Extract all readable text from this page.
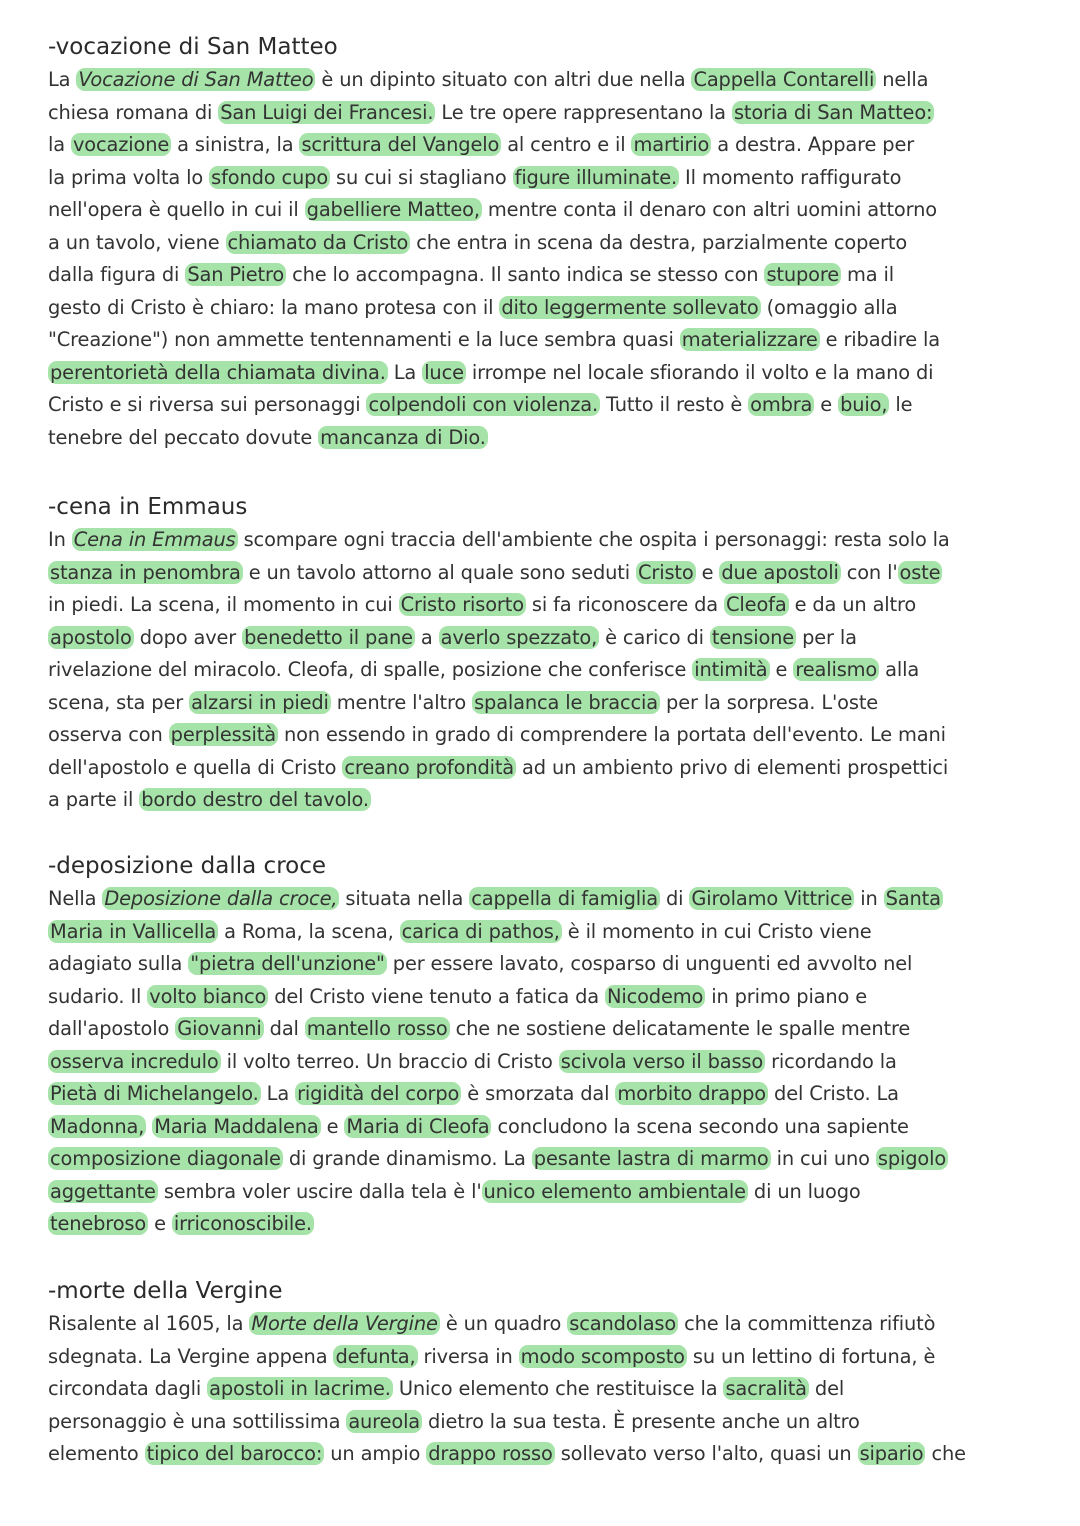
-vocazione di San Matteo
La Vocazione di San Matteo è un dipinto situato con altri due nella Cappella Contarelli nella
chiesa romana di San Luigi dei Francesi. Le tre opere rappresentano la storia di San Matteo:
la vocazione a sinistra, la scrittura del Vangelo al centro e il martirio a destra. Appare per
la prima volta lo sfondo cupo su cui si stagliano figure illuminate. Il momento raffigurato
nell'opera è quello in cui il gabelliere Matteo, mentre conta il denaro con altri uomini attorno
a un tavolo, viene chiamato da Cristo che entra in scena da destra, parzialmente coperto
dalla figura di San Pietro che lo accompagna. Il santo indica se stesso con stupore ma il
gesto di Cristo è chiaro: la mano protesa con il dito leggermente sollevato (omaggio alla
"Creazione") non ammette tentennamenti e la luce sembra quasi materializzare e ribadire la
perentorietà della chiamata divina. La luce irrompe nel locale sfiorando il volto e la mano di
Cristo e si riversa sui personaggi colpendoli con violenza. Tutto il resto è ombra e buio, le
tenebre del peccato dovute mancanza di Dio.
-cena in Emmaus
In Cena in Emmaus scompare ogni traccia dell'ambiente che ospita i personaggi: resta solo la
stanza in penombra e un tavolo attorno al quale sono seduti Cristo e due apostoli con l' oste
in piedi. La scena, il momento in cui Cristo risorto si fa riconoscere da Cleofa e da un altro
apostolo dopo aver benedetto il pane a averlo spezzato, è carico di tensione per la
rivelazione del miracolo. Cleofa, di spalle, posizione che conferisce intimità e realismo alla
scena, sta per alzarsi in piedi mentre l'altro spalanca le braccia per la sorpresa. L'oste
osserva con perplessità non essendo in grado di comprendere la portata dell'evento. Le mani
dell'apostolo e quella di Cristo creano profondità ad un ambiento privo di elementi prospettici
a parte il bordo destro del tavolo.
-deposizione dalla croce
Nella Deposizione dalla croce, situata nella cappella di famiglia di Girolamo Vittrice in Santa
Maria in Vallicella a Roma, la scena, carica di pathos, è il momento in cui Cristo viene
adagiato sulla "pietra dell'unzione" per essere lavato, cosparso di unguenti ed avvolto nel
sudario. Il volto bianco del Cristo viene tenuto a fatica da Nicodemo in primo piano e
dall'apostolo Giovanni dal mantello rosso che ne sostiene delicatamente le spalle mentre
osserva incredulo il volto terreo. Un braccio di Cristo scivola verso il basso ricordando la
Pietà di Michelangelo. La rigidità del corpo è smorzata dal morbito drappo del Cristo. La
Madonna, Maria Maddalena e Maria di Cleofa concludono la scena secondo una sapiente
composizione diagonale di grande dinamismo. La pesante lastra di marmo in cui uno spigolo
aggettante sembra voler uscire dalla tela è l' unico elemento ambientale di un luogo
tenebroso e irriconoscibile.
-morte della Vergine
Risalente al 1605, la Morte della Vergine è un quadro scandolaso che la committenza rifiutò
sdegnata. La Vergine appena defunta, riversa in modo scomposto su un lettino di fortuna, è
circondata dagli apostoli in lacrime. Unico elemento che restituisce la sacralità del
personaggio è una sottilissima aureola dietro la sua testa. È presente anche un altro
elemento tipico del barocco: un ampio drappo rosso sollevato verso l'alto, quasi un sipario che
